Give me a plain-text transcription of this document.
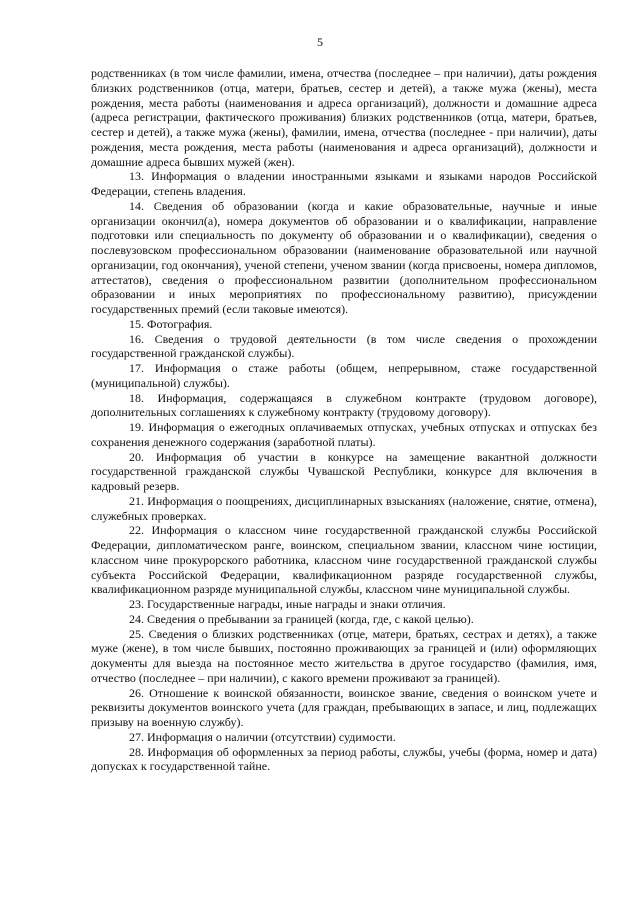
5

родственниках (в том числе фамилии, имена, отчества (последнее – при наличии), даты рождения близких родственников (отца, матери, братьев, сестер и детей), а также мужа (жены), места рождения, места работы (наименования и адреса организаций), должности и домашние адреса (адреса регистрации, фактического проживания) близких родственников (отца, матери, братьев, сестер и детей), а также мужа (жены), фамилии, имена, отчества (последнее - при наличии), даты рождения, места рождения, места работы (наименования и адреса организаций), должности и домашние адреса бывших мужей (жен).

13. Информация о владении иностранными языками и языками народов Российской Федерации, степень владения.

14. Сведения об образовании (когда и какие образовательные, научные и иные организации окончил(а), номера документов об образовании и о квалификации, направление подготовки или специальность по документу об образовании и о квалификации), сведения о послевузовском профессиональном образовании (наименование образовательной или научной организации, год окончания), ученой степени, ученом звании (когда присвоены, номера дипломов, аттестатов), сведения о профессиональном развитии (дополнительном профессиональном образовании и иных мероприятиях по профессиональному развитию), присуждении государственных премий (если таковые имеются).

15. Фотография.

16. Сведения о трудовой деятельности (в том числе сведения о прохождении государственной гражданской службы).

17. Информация о стаже работы (общем, непрерывном, стаже государственной (муниципальной) службы).

18. Информация, содержащаяся в служебном контракте (трудовом договоре), дополнительных соглашениях к служебному контракту (трудовому договору).

19. Информация о ежегодных оплачиваемых отпусках, учебных отпусках и отпусках без сохранения денежного содержания (заработной платы).

20. Информация об участии в конкурсе на замещение вакантной должности государственной гражданской службы Чувашской Республики, конкурсе для включения в кадровый резерв.

21. Информация о поощрениях, дисциплинарных взысканиях (наложение, снятие, отмена), служебных проверках.

22. Информация о классном чине государственной гражданской службы Российской Федерации, дипломатическом ранге, воинском, специальном звании, классном чине юстиции, классном чине прокурорского работника, классном чине государственной гражданской службы субъекта Российской Федерации, квалификационном разряде государственной службы, квалификационном разряде муниципальной службы, классном чине муниципальной службы.

23. Государственные награды, иные награды и знаки отличия.

24. Сведения о пребывании за границей (когда, где, с какой целью).

25. Сведения о близких родственниках (отце, матери, братьях, сестрах и детях), а также муже (жене), в том числе бывших, постоянно проживающих за границей и (или) оформляющих документы для выезда на постоянное место жительства в другое государство (фамилия, имя, отчество (последнее – при наличии), с какого времени проживают за границей).

26. Отношение к воинской обязанности, воинское звание, сведения о воинском учете и реквизиты документов воинского учета (для граждан, пребывающих в запасе, и лиц, подлежащих призыву на военную службу).

27. Информация о наличии (отсутствии) судимости.

28. Информация об оформленных за период работы, службы, учебы (форма, номер и дата) допусках к государственной тайне.
